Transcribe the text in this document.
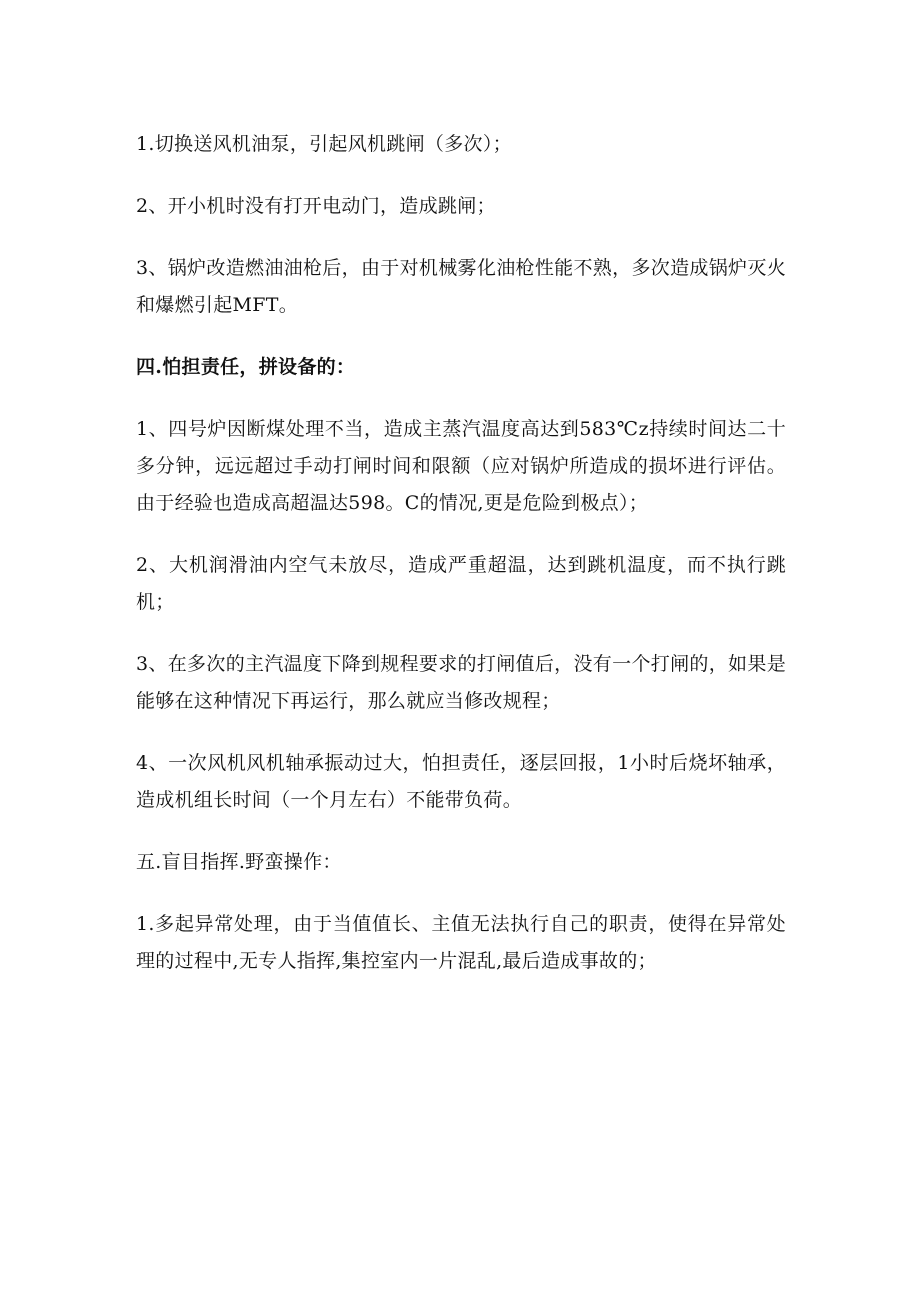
1.切换送风机油泵，引起风机跳闸（多次）；

2、开小机时没有打开电动门，造成跳闸；

3、锅炉改造燃油油枪后，由于对机械雾化油枪性能不熟，多次造成锅炉灭火和爆燃引起MFT。

四.怕担责任，拼设备的：

1、四号炉因断煤处理不当，造成主蒸汽温度高达到583℃z持续时间达二十多分钟，远远超过手动打闸时间和限额（应对锅炉所造成的损坏进行评估。由于经验也造成高超温达598。C的情况,更是危险到极点）；

2、大机润滑油内空气未放尽，造成严重超温，达到跳机温度，而不执行跳机；

3、在多次的主汽温度下降到规程要求的打闸值后，没有一个打闸的，如果是能够在这种情况下再运行，那么就应当修改规程；

4、一次风机风机轴承振动过大，怕担责任，逐层回报，1小时后烧坏轴承，造成机组长时间（一个月左右）不能带负荷。

五.盲目指挥.野蛮操作：

1.多起异常处理，由于当值值长、主值无法执行自己的职责，使得在异常处理的过程中,无专人指挥,集控室内一片混乱,最后造成事故的；
